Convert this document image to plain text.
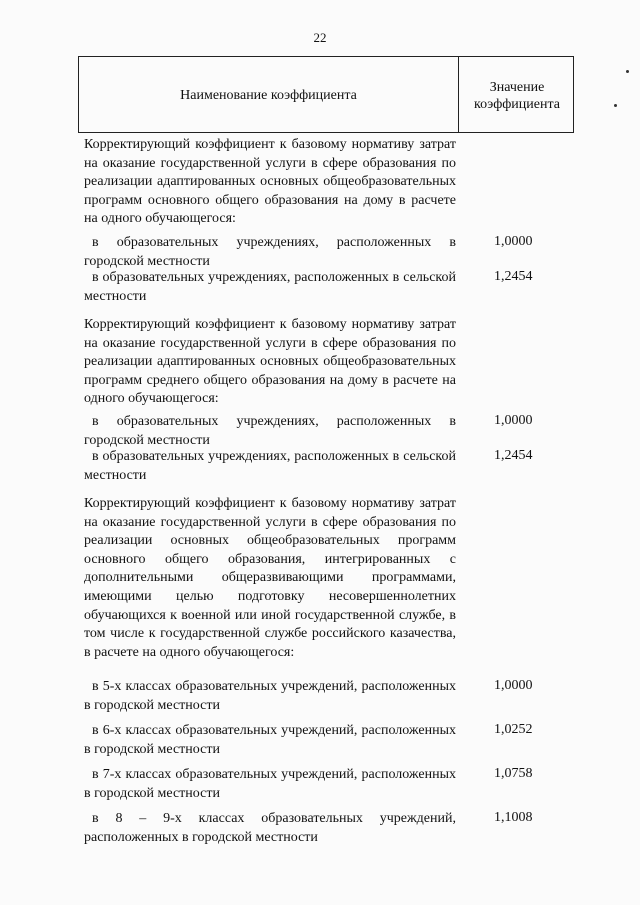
22
Наименование коэффициента
Значение
коэффициента
Корректирующий коэффициент к базовому нормативу затрат на оказание государственной услуги в сфере образования по реализации адаптированных основных общеобразовательных программ основного общего образования на дому в расчете на одного обучающегося:
в образовательных учреждениях, расположенных в городской местности
1,0000
в образовательных учреждениях, расположенных в сельской местности
1,2454
Корректирующий коэффициент к базовому нормативу затрат на оказание государственной услуги в сфере образования по реализации адаптированных основных общеобразовательных программ среднего общего образования на дому в расчете на одного обучающегося:
в образовательных учреждениях, расположенных в городской местности
1,0000
в образовательных учреждениях, расположенных в сельской местности
1,2454
Корректирующий коэффициент к базовому нормативу затрат на оказание государственной услуги в сфере образования по реализации основных общеобразовательных программ основного общего образования, интегрированных с дополнительными общеразвивающими программами, имеющими целью подготовку несовершеннолетних обучающихся к военной или иной государственной службе, в том числе к государственной службе российского казачества, в расчете на одного обучающегося:
в 5-х классах образовательных учреждений, расположенных в городской местности
1,0000
в 6-х классах образовательных учреждений, расположенных в городской местности
1,0252
в 7-х классах образовательных учреждений, расположенных в городской местности
1,0758
в 8 – 9-х классах образовательных учреждений, расположенных в городской местности
1,1008
